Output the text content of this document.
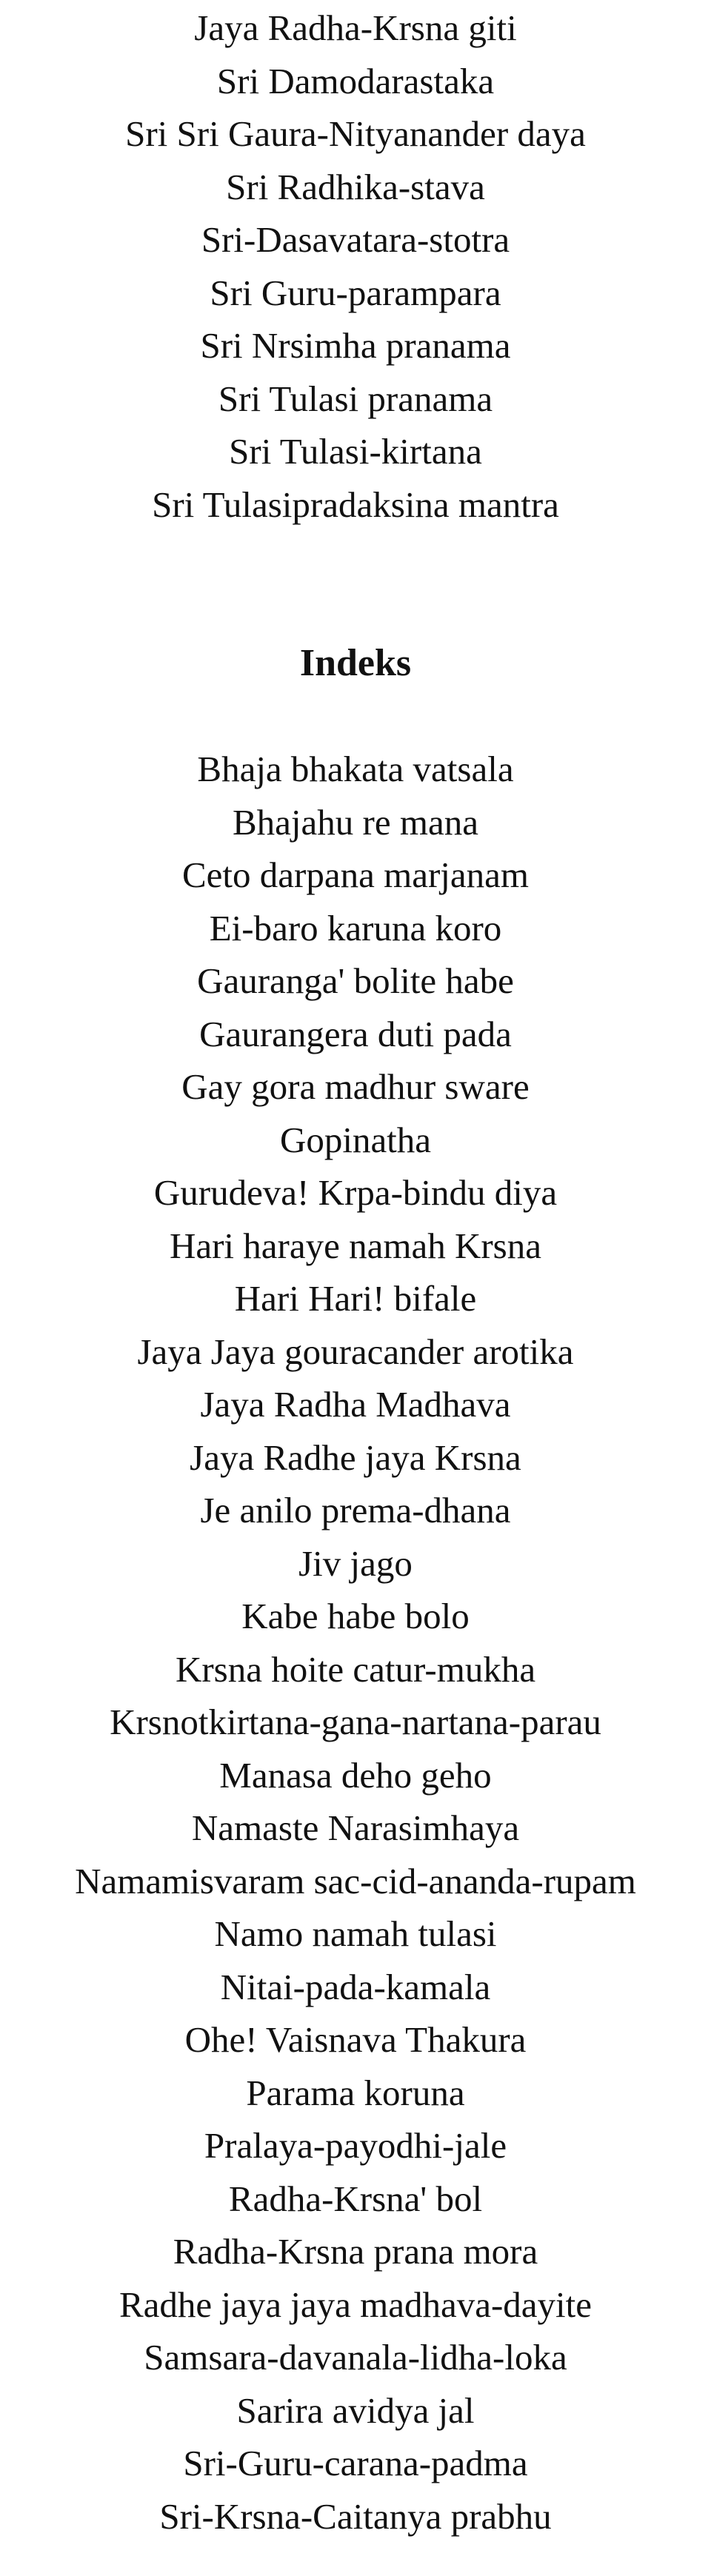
Jaya Radha-Krsna giti
Sri Damodarastaka
Sri Sri Gaura-Nityanander daya
Sri Radhika-stava
Sri-Dasavatara-stotra
Sri Guru-parampara
Sri Nrsimha pranama
Sri Tulasi pranama
Sri Tulasi-kirtana
Sri Tulasipradaksina mantra
Indeks
Bhaja bhakata vatsala
Bhajahu re mana
Ceto darpana marjanam
Ei-baro karuna koro
Gauranga' bolite habe
Gaurangera duti pada
Gay gora madhur sware
Gopinatha
Gurudeva! Krpa-bindu diya
Hari haraye namah Krsna
Hari Hari! bifale
Jaya Jaya gouracander arotika
Jaya Radha Madhava
Jaya Radhe jaya Krsna
Je anilo prema-dhana
Jiv jago
Kabe habe bolo
Krsna hoite catur-mukha
Krsnotkirtana-gana-nartana-parau
Manasa deho geho
Namaste Narasimhaya
Namamisvaram sac-cid-ananda-rupam
Namo namah tulasi
Nitai-pada-kamala
Ohe! Vaisnava Thakura
Parama koruna
Pralaya-payodhi-jale
Radha-Krsna' bol
Radha-Krsna prana mora
Radhe jaya jaya madhava-dayite
Samsara-davanala-lidha-loka
Sarira avidya jal
Sri-Guru-carana-padma
Sri-Krsna-Caitanya prabhu
